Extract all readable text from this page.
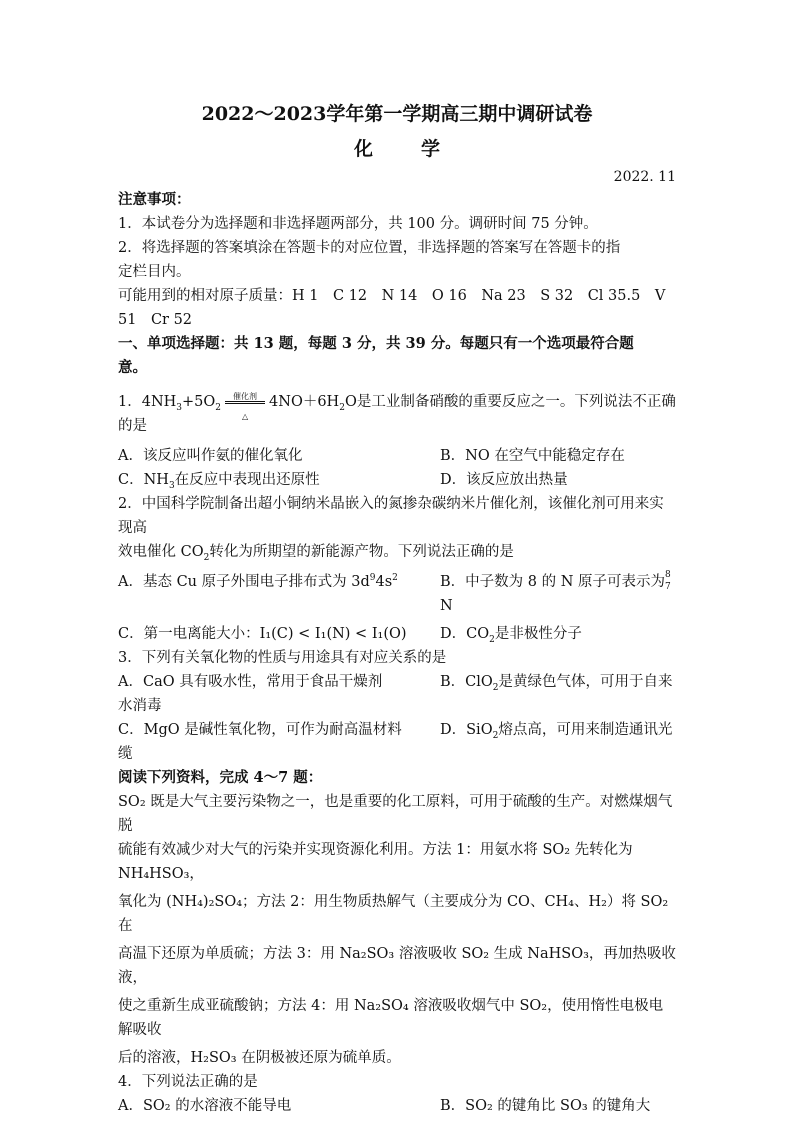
2022～2023学年第一学期高三期中调研试卷
化学
2022. 11
注意事项：
1．本试卷分为选择题和非选择题两部分，共 100 分。调研时间 75 分钟。
2．将选择题的答案填涂在答题卡的对应位置，非选择题的答案写在答题卡的指
定栏目内。
可能用到的相对原子质量：H 1　C 12　N 14　O 16　Na 23　S 32　Cl 35.5　V
51　Cr 52
一、单项选择题：共 13 题，每题 3 分，共 39 分。每题只有一个选项最符合题
意。
1．$4NH_3+5O_2 \frac{\text{催化剂}}{\triangle} 4NO+6H_2O$是工业制备硝酸的重要反应之一。下列说法不正确的是
A．该反应叫作氨的催化氧化	B．NO 在空气中能稳定存在
C．$NH_3$在反应中表现出还原性	D．该反应放出热量
2．中国科学院制备出超小铜纳米晶嵌入的氮掺杂碳纳米片催化剂，该催化剂可用来实现高
效电催化 $CO_2$转化为所期望的新能源产物。下列说法正确的是
A．基态 Cu 原子外围电子排布式为 $3d^94s^2$	B．中子数为 8 的 N 原子可表示为 8
7
N
C．第一电离能大小：I₁(C) < I₁(N) < I₁(O)	D．$CO_2$是非极性分子
3．下列有关氧化物的性质与用途具有对应关系的是
A．CaO 具有吸水性，常用于食品干燥剂	B．ClO$_2$是黄绿色气体，可用于自来
水消毒
C．MgO 是碱性氧化物，可作为耐高温材料	D．SiO$_2$熔点高，可用来制造通讯光
缆
阅读下列资料，完成 4～7 题：
SO₂ 既是大气主要污染物之一，也是重要的化工原料，可用于硫酸的生产。对燃煤烟气脱
硫能有效减少对大气的污染并实现资源化利用。方法 1：用氨水将 SO₂ 先转化为 NH₄HSO₃，
氧化为 (NH₄)₂SO₄；方法 2：用生物质热解气（主要成分为 CO、CH₄、H₂）将 SO₂ 在
高温下还原为单质硫；方法 3：用 Na₂SO₃ 溶液吸收 SO₂ 生成 NaHSO₃，再加热吸收液，
使之重新生成亚硫酸钠；方法 4：用 Na₂SO₄ 溶液吸收烟气中 SO₂，使用惰性电极电解吸收
后的溶液，H₂SO₃ 在阴极被还原为硫单质。
4．下列说法正确的是
A．SO₂ 的水溶液不能导电	B．SO₂ 的键角比 SO₃ 的键角大
